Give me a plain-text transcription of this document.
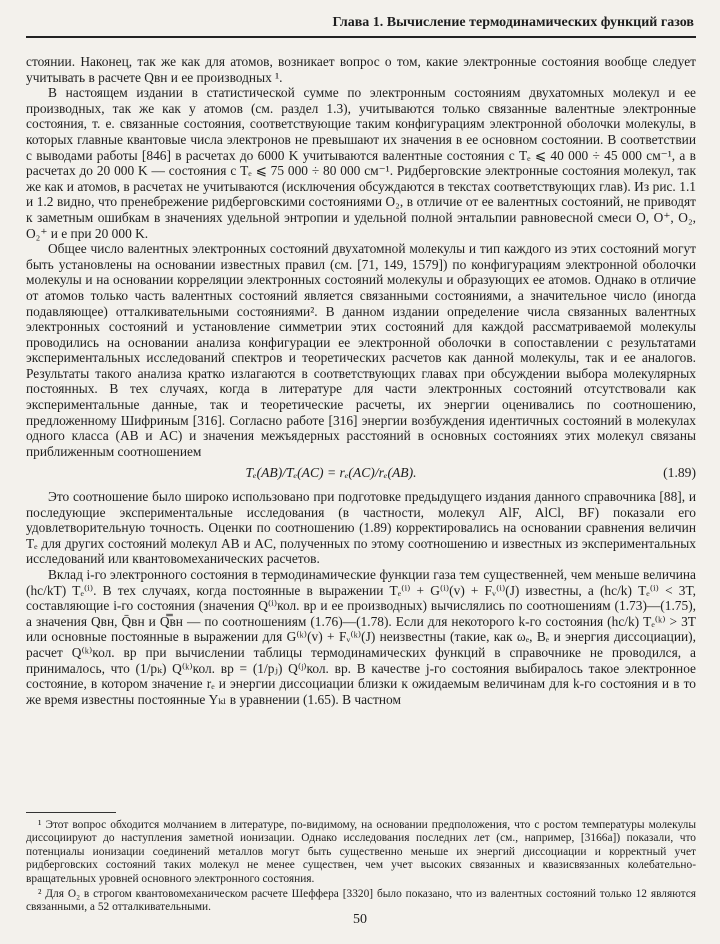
Глава 1. Вычисление термодинамических функций газов

стоянии. Наконец, так же как для атомов, возникает вопрос о том, какие электронные состояния вообще следует учитывать в расчете Qвн и ее производных ¹.

В настоящем издании в статистической сумме по электронным состояниям двухатомных молекул и ее производных, так же как у атомов (см. раздел 1.3), учитываются только связанные валентные электронные состояния, т. е. связанные состояния, соответствующие таким конфигурациям электронной оболочки молекулы, в которых главные квантовые числа электронов не превышают их значения в ее основном состоянии. В соответствии с выводами работы [846] в расчетах до 6000 K учитываются валентные состояния с Tₑ ⩽ 40 000 ÷ 45 000 см⁻¹, а в расчетах до 20 000 K — состояния с Tₑ ⩽ 75 000 ÷ 80 000 см⁻¹. Ридберговские электронные состояния молекул, так же как и атомов, в расчетах не учитываются (исключения обсуждаются в текстах соответствующих глав). Из рис. 1.1 и 1.2 видно, что пренебрежение ридберговскими состояниями O₂, в отличие от ее валентных состояний, не приводят к заметным ошибкам в значениях удельной энтропии и удельной полной энтальпии равновесной смеси O, O⁺, O₂, O₂⁺ и e при 20 000 K.

Общее число валентных электронных состояний двухатомной молекулы и тип каждого из этих состояний могут быть установлены на основании известных правил (см. [71, 149, 1579]) по конфигурациям электронной оболочки молекулы и на основании корреляции электронных состояний молекулы и образующих ее атомов. Однако в отличие от атомов только часть валентных состояний является связанными состояниями, а значительное число (иногда подавляющее) отталкивательными состояниями². В данном издании определение числа связанных валентных электронных состояний и установление симметрии этих состояний для каждой рассматриваемой молекулы проводились на основании анализа конфигурации ее электронной оболочки в сопоставлении с результатами экспериментальных исследований спектров и теоретических расчетов как данной молекулы, так и ее аналогов. Результаты такого анализа кратко излагаются в соответствующих главах при обсуждении выбора молекулярных постоянных. В тех случаях, когда в литературе для части электронных состояний отсутствовали как экспериментальные данные, так и теоретические расчеты, их энергии оценивались по соотношению, предложенному Шифриным [316]. Согласно работе [316] энергии возбуждения идентичных состояний в молекулах одного класса (AB и AC) и значения межъядерных расстояний в основных состояниях этих молекул связаны приближенным соотношением

Tₑ(AB)/Tₑ(AC) = rₑ(AC)/rₑ(AB).	(1.89)

Это соотношение было широко использовано при подготовке предыдущего издания данного справочника [88], и последующие экспериментальные исследования (в частности, молекул AlF, AlCl, BF) показали его удовлетворительную точность. Оценки по соотношению (1.89) корректировались на основании сравнения величин Tₑ для других состояний молекул AB и AC, полученных по этому соотношению и известных из экспериментальных исследований или квантовомеханических расчетов.

Вклад i-го электронного состояния в термодинамические функции газа тем существенней, чем меньше величина (hc/kT) Tₑ⁽ⁱ⁾. В тех случаях, когда постоянные в выражении Tₑ⁽ⁱ⁾ + G⁽ⁱ⁾(v) + Fᵥ⁽ⁱ⁾(J) известны, а (hc/k) Tₑ⁽ⁱ⁾ < 3T, составляющие i-го состояния (значения Q⁽ⁱ⁾кол. вр и ее производных) вычислялись по соотношениям (1.73)—(1.75), а значения Qвн, Q̄вн и Q̿вн — по соотношениям (1.76)—(1.78). Если для некоторого k-го состояния (hc/k) Tₑ⁽ᵏ⁾ > 3T или основные постоянные в выражении для G⁽ᵏ⁾(v) + Fᵥ⁽ᵏ⁾(J) неизвестны (такие, как ωₑ, Bₑ и энергия диссоциации), расчет Q⁽ᵏ⁾кол. вр при вычислении таблицы термодинамических функций в справочнике не проводился, а принималось, что (1/pₖ) Q⁽ᵏ⁾кол. вр = (1/pⱼ) Q⁽ʲ⁾кол. вр. В качестве j-го состояния выбиралось такое электронное состояние, в котором значение rₑ и энергии диссоциации близки к ожидаемым величинам для k-го состояния и в то же время известны постоянные Yₖₗ в уравнении (1.65). В частном

¹ Этот вопрос обходится молчанием в литературе, по-видимому, на основании предположения, что с ростом температуры молекулы диссоциируют до наступления заметной ионизации. Однако исследования последних лет (см., например, [3166а]) показали, что потенциалы ионизации соединений металлов могут быть существенно меньше их энергий диссоциации и корректный учет ридберговских состояний таких молекул не менее существен, чем учет высоких связанных и квазисвязанных колебательно-вращательных уровней основного электронного состояния.

² Для O₂ в строгом квантовомеханическом расчете Шеффера [3320] было показано, что из валентных состояний только 12 являются связанными, а 52 отталкивательными.

50
